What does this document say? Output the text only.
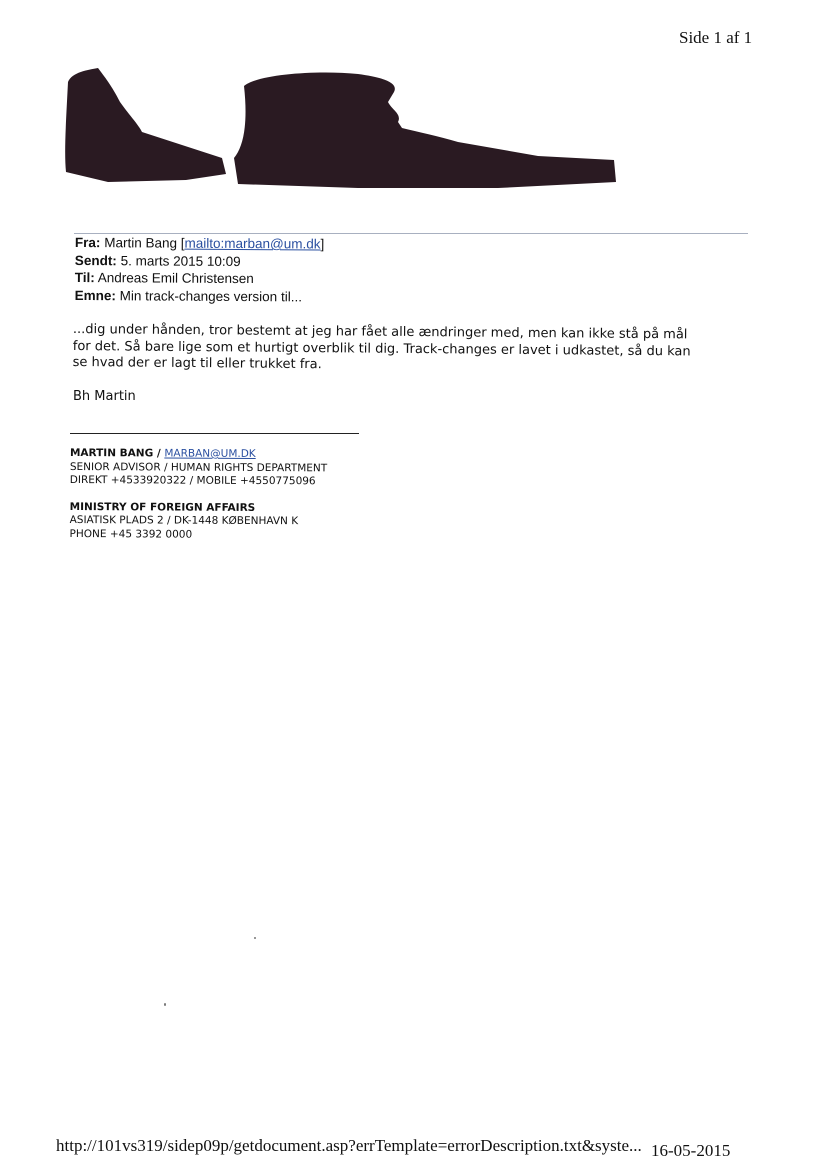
Side 1 af 1
Fra: Martin Bang [mailto:marban@um.dk]
Sendt: 5. marts 2015 10:09
Til: Andreas Emil Christensen
Emne: Min track-changes version til...

...dig under hånden, tror bestemt at jeg har fået alle ændringer med, men kan ikke stå på mål

for det. Så bare lige som et hurtigt overblik til dig. Track-changes er lavet i udkastet, så du kan

se hvad der er lagt til eller trukket fra.

Bh Martin
MARTIN BANG / MARBAN@UM.DK
SENIOR ADVISOR / HUMAN RIGHTS DEPARTMENT
DIREKT +4533920322 / MOBILE +4550775096
MINISTRY OF FOREIGN AFFAIRS
ASIATISK PLADS 2 / DK-1448 KØBENHAVN K
PHONE +45 3392 0000
http://101vs319/sidep09p/getdocument.asp?errTemplate=errorDescription.txt&syste... 16-05-2015
